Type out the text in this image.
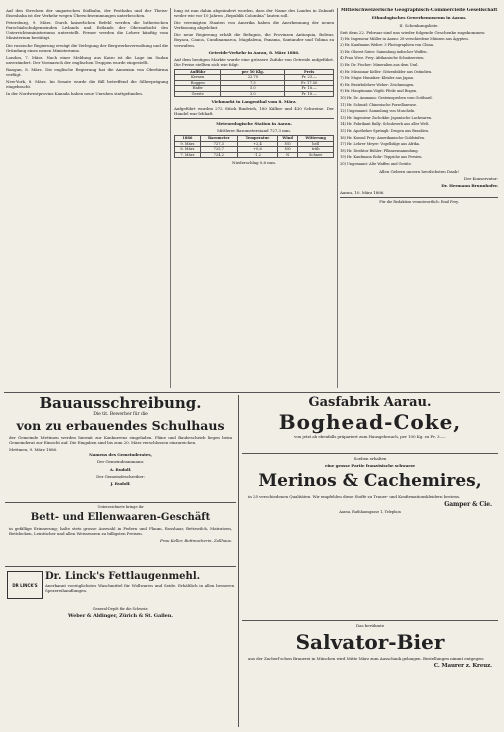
Auf den Strecken der ungarischen Südbahn, der Pestbahn und der Theiss-Eisenbahn ist der Verkehr wegen Überschwemmungen unterbrochen.

Petersburg, 9. März. Durch kaiserlichen Befehl werden die lutherischen Parochialschulgemeinden Livlands und Estlands der Oberaufsicht des Unterrichtsministeriums unterstellt. Ferner werden die Lehrer künftig vom Ministerium bestätigt.

Die russische Regierung erwägt die Verlegung der Bergwerksverwaltung und die Gründung eines neuen Ministeriums.

London, 7. März. Nach einer Meldung aus Kairo ist die Lage im Sudan unverändert. Der Vormarsch der englischen Truppen wurde eingestellt.

Rangun, 8. März. Die englische Regierung hat die Annexion von Oberbirma verfügt.

New-York, 8. März. Im Senate wurde die Bill betreffend die Silberprägung eingebracht.

In der Nordwestprovinz Kanada haben neue Unruhen stattgefunden.

lung ist nun dahin abgeändert worden, dass der Name des Landes in Zukunft weder wie vor 10 Jahren „Republik Colombia“ lauten soll.

Die vereinigten Staaten von Amerika haben die Anerkennung der neuen Verfassung abgelehnt.

Die neue Regierung erhält die Befugnis, die Provinzen Antioquia, Bolivar, Boyaca, Cauca, Cundinamarca, Magdalena, Panama, Santander und Tolima zu verwalten.

Getreide-Verkehr in Aarau, 8. März 1886.

Auf dem heutigen Markte wurde eine grössere Zufuhr von Getreide aufgeführt. Die Preise stellten sich wie folgt:

Aufführ	per 50 Klg.	Preis
Kernen	22.70	Fr. 23.—
Roggen	7.5	Fr. 17.50
Hafer	5.0	Fr. 16.—
Gerste	3.0	Fr. 18.—

Viehmarkt in Langenthal vom 8. März.

Aufgeführt wurden 272 Stück Rindvieh, 180 Kälber und 430 Schweine. Der Handel war lebhaft.

Meteorologische Station in Aarau.

Mittlerer Barometerstand 727,3 mm.

1886	Barometer	Temperatur	Wind	Witterung
9. März	727,3	+2,4	NO	hell
8. März	725,7	+0,6	NO	trüb
7. März	724,2	-1,2	N	Schnee

Niederschlag 0,6 mm.

Mittelschweizerische Geographisch-Commercielle Gesellschaft

Ethnologisches Gewerbemuseum in Aarau.

II. Schenkungsliste.

Seit dem 22. Februar sind uns wieder folgende Geschenke zugekommen:

1) Hr. Ingenieur Müller in Aarau: 28 verschiedene Münzen aus Ägypten.

2) Hr. Kaufmann Weber: 3 Photographien von China.

3) Hr. Oberst Suter: Sammlung indischer Waffen.

4) Frau Wwe. Frey: Afrikanische Schnitzereien.

5) Hr. Dr. Fischer: Mineralien aus dem Ural.

6) Hr. Missionar Keller: Götzenbilder aus Ostindien.

7) Hr. Major Hunziker: Kleider aus Japan.

8) Hr. Bezirkslehrer Weber: Zeichnungen.

9) Hr. Hauptmann Vögtli: Pfeile und Bogen.

10) Hr. Dr. Ammann: Gesteinsproben vom Gotthard.

11) Hr. Schmid: Chinesische Porzellanvase.

12) Ungenannt: Sammlung von Muscheln.

13) Hr. Ingenieur Zschokke: Japanische Lackwaren.

14) Hr. Fabrikant Bally: Schuhwerk aus aller Welt.

15) Hr. Apotheker Sprüngli: Drogen aus Brasilien.

16) Hr. Konsul Frey: Amerikanische Goldstufen.

17) Hr. Lehrer Meyer: Vogelbälge aus Afrika.

18) Hr. Direktor Bühler: Pflanzensammlung.

19) Hr. Kaufmann Rohr: Teppiche aus Persien.

20) Ungenannt: Alte Waffen und Geräte.

Allen Gebern unsern herzlichsten Dank!

Der Konservator:

Dr. Hermann Brunnhofer.

Aarau, 10. März 1886.

Für die Redaktion verantwortlich: Emil Frey.

Bauausschreibung.
Die tit. Bewerber für die
von zu erbauendes Schulhaus
der Gemeinde Mettmen werden hiermit zur Konkurrenz eingeladen. Pläne und Baubeschrieb liegen beim Gemeinderat zur Einsicht auf. Die Eingaben sind bis zum 20. März verschlossen einzureichen.
Mettmen, 9. März 1886.
Namens des Gemeinderates,
Der Gemeindeammann:
A. Rudolf.
Der Gemeindeschreiber:
J. Rudolf.
Unterzeichnete bringe ihr
Bett- und Ellenwaaren-Geschäft
in gefällige Erinnerung; halte stets grosse Auswahl in Federn und Flaum, Rosshaar, Bettzwilch, Matratzen, Bettdecken, Leintücher und allen Weisswaren zu billigsten Preisen.
Frau Keller, Bettmacherin, Zollhaus.
DR LINCK'S
Dr. Linck's Fettlaugenmehl.
Anerkannt vorzüglichstes Waschmittel für Wollwaren und Seide. Erhältlich in allen besseren Spezereihandlungen.
General-Depôt für die Schweiz:
Weber & Aldinger, Zürich & St. Gallen.
Gasfabrik Aarau.
Boghead-Coke,
von jetzt ab ebenfalls präpariert zum Hausgebrauch, per 100 Kg. zu Fr. 3.—.
Soeben erhalten
eine grosse Partie französische schwarze
Merinos & Cachemires,
in 25 verschiedenen Qualitäten. Wir empfehlen diese Stoffe zu Trauer- und Konfirmationskleidern bestens.
Gamper & Cie.
Aarau, Rathhausgasse 1, Telephon
Das berühmte
Salvator-Bier
aus der Zacherl'schen Brauerei in München wird Mitte März zum Ausschank gelangen. Bestellungen nimmt entgegen:
C. Maurer z. Kreuz.
